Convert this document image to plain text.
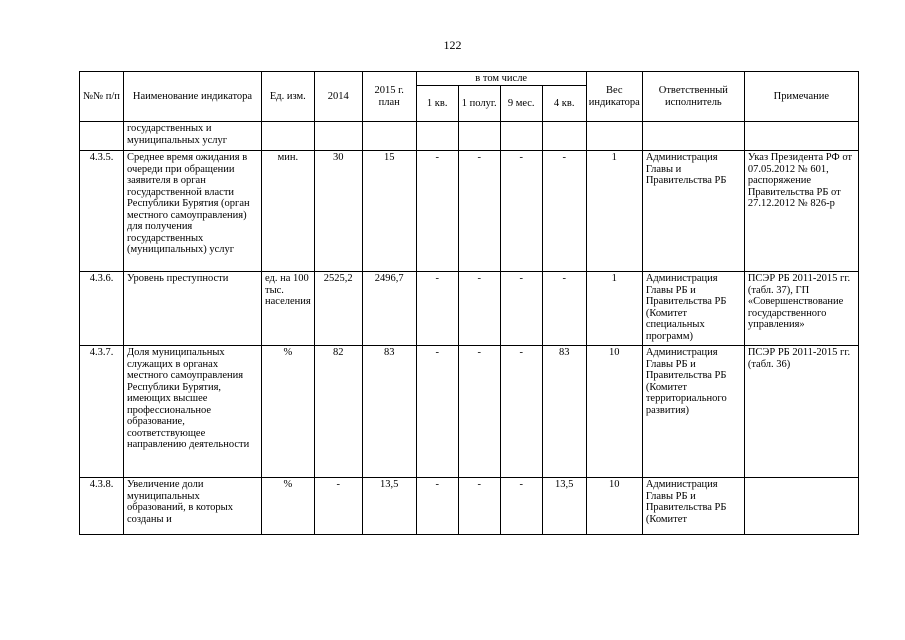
122
№№ п/п	Наименование индикатора	Ед. изм.	2014	2015 г. план	в том числе				Вес индикатора	Ответственный исполнитель	Примечание
					1 кв.	1 полуг.	9 мес.	4 кв.			
	государственных и муниципальных услуг										
4.3.5.	Среднее время ожидания в очереди при обращении заявителя в орган государственной власти Республики Бурятия (орган местного самоуправления) для получения государственных (муниципальных) услуг	мин.	30	15	-	-	-	-	1	Администрация Главы и Правительства РБ	Указ Президента РФ от 07.05.2012 № 601, распоряжение Правительства РБ от 27.12.2012 № 826-р
4.3.6.	Уровень преступности	ед. на 100 тыс. населения	2525,2	2496,7	-	-	-	-	1	Администрация Главы РБ и Правительства РБ (Комитет специальных программ)	ПСЭР РБ 2011-2015 гг. (табл. 37), ГП «Совершенствование государственного управления»
4.3.7.	Доля муниципальных служащих в органах местного самоуправления Республики Бурятия, имеющих высшее профессиональное образование, соответствующее направлению деятельности	%	82	83	-	-	-	83	10	Администрация Главы РБ и Правительства РБ (Комитет территориального развития)	ПСЭР РБ 2011-2015 гг. (табл. 36)
4.3.8.	Увеличение доли муниципальных образований, в которых созданы и	%	-	13,5	-	-	-	13,5	10	Администрация Главы РБ и Правительства РБ (Комитет	
